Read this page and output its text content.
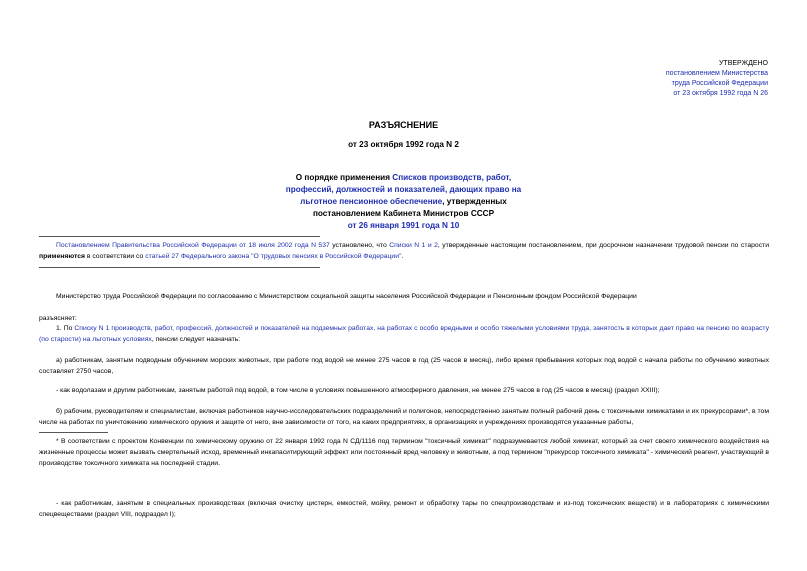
УТВЕРЖДЕНО
постановлением Министерства
труда Российской Федерации
от 23 октября 1992 года N 26
РАЗЪЯСНЕНИЕ
от 23 октября 1992 года N 2
О порядке применения Списков производств, работ,
профессий, должностей и показателей, дающих право на
льготное пенсионное обеспечение, утвержденных
постановлением Кабинета Министров СССР
от 26 января 1991 года N 10
Постановлением Правительства Российской Федерации от 18 июля 2002 года N 537 установлено, что Списки N 1 и 2, утвержденные настоящим постановлением, при досрочном назначении трудовой пенсии по старости применяются в соответствии со статьей 27 Федерального закона "О трудовых пенсиях в Российской Федерации".
Министерство труда Российской Федерации по согласованию с Министерством социальной защиты населения Российской Федерации и Пенсионным фондом Российской Федерации
разъясняет:
1. По Списку N 1 производств, работ, профессий, должностей и показателей на подземных работах, на работах с особо вредными и особо тяжелыми условиями труда, занятость в которых дает право на пенсию по возрасту (по старости) на льготных условиях, пенсии следует назначать:
а) работникам, занятым подводным обучением морских животных, при работе под водой не менее 275 часов в год (25 часов в месяц), либо время пребывания которых под водой с начала работы по обучению животных составляет 2750 часов,
- как водолазам и другим работникам, занятым работой под водой, в том числе в условиях повышенного атмосферного давления, не менее 275 часов в год (25 часов в месяц) (раздел XXIII);
б) рабочим, руководителям и специалистам, включая работников научно-исследовательских подразделений и полигонов, непосредственно занятым полный рабочий день с токсичными химикатами и их прекурсорами*, в том числе на работах по уничтожению химического оружия и защите от него, вне зависимости от того, на каких предприятиях, в организациях и учреждениях производятся указанные работы,
* В соответствии с проектом Конвенции по химическому оружию от 22 января 1992 года N СД/1116 под термином "токсичный химикат" подразумевается любой химикат, который за счет своего химического воздействия на жизненные процессы может вызвать смертельный исход, временный инкапаситирующий эффект или постоянный вред человеку и животным, а под термином "прекурсор токсичного химиката" - химический реагент, участвующий в производстве токсичного химиката на последней стадии.
- как работникам, занятым в специальных производствах (включая очистку цистерн, емкостей, мойку, ремонт и обработку тары по спецпроизводствам и из-под токсических веществ) и в лабораториях с химическими спецвеществами (раздел VIII, подраздел I);
